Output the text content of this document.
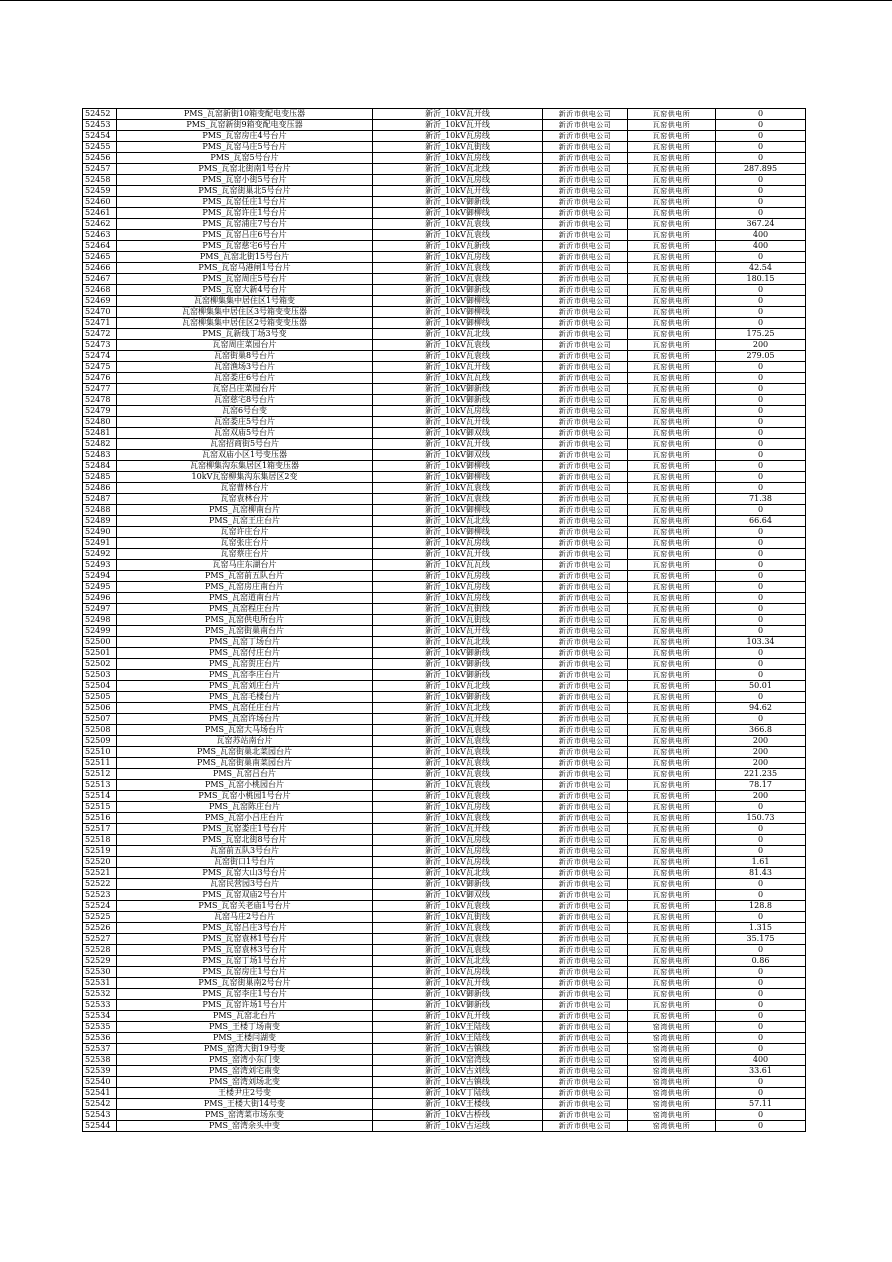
52452	PMS_瓦窑新街10箱变配电变压器	新沂_10kV瓦开线	新沂市供电公司	瓦窑供电所	0
52453	PMS_瓦窑新街9箱变配电变压器	新沂_10kV瓦开线	新沂市供电公司	瓦窑供电所	0
52454	PMS_瓦窑房庄4号台片	新沂_10kV瓦房线	新沂市供电公司	瓦窑供电所	0
52455	PMS_瓦窑马庄5号台片	新沂_10kV瓦街线	新沂市供电公司	瓦窑供电所	0
52456	PMS_瓦窑5号台片	新沂_10kV瓦房线	新沂市供电公司	瓦窑供电所	0
52457	PMS_瓦窑北街南1号台片	新沂_10kV瓦北线	新沂市供电公司	瓦窑供电所	287.895
52458	PMS_瓦窑小街5号台片	新沂_10kV瓦房线	新沂市供电公司	瓦窑供电所	0
52459	PMS_瓦窑街巢北5号台片	新沂_10kV瓦开线	新沂市供电公司	瓦窑供电所	0
52460	PMS_瓦窑任庄1号台片	新沂_10kV御新线	新沂市供电公司	瓦窑供电所	0
52461	PMS_瓦窑许庄1号台片	新沂_10kV御柳线	新沂市供电公司	瓦窑供电所	0
52462	PMS_瓦窑浦庄7号台片	新沂_10kV瓦袁线	新沂市供电公司	瓦窑供电所	367.24
52463	PMS_瓦窑吕庄6号台片	新沂_10kV瓦袁线	新沂市供电公司	瓦窑供电所	400
52464	PMS_瓦窑慈宅6号台片	新沂_10kV瓦新线	新沂市供电公司	瓦窑供电所	400
52465	PMS_瓦窑北街15号台片	新沂_10kV瓦房线	新沂市供电公司	瓦窑供电所	0
52466	PMS_瓦窑马港闸1号台片	新沂_10kV瓦袁线	新沂市供电公司	瓦窑供电所	42.54
52467	PMS_瓦窑周庄5号台片	新沂_10kV瓦袁线	新沂市供电公司	瓦窑供电所	180.15
52468	PMS_瓦窑大新4号台片	新沂_10kV御新线	新沂市供电公司	瓦窑供电所	0
52469	瓦窑柳集集中居住区1号箱变	新沂_10kV御柳线	新沂市供电公司	瓦窑供电所	0
52470	瓦窑柳集集中居住区3号箱变变压器	新沂_10kV御柳线	新沂市供电公司	瓦窑供电所	0
52471	瓦窑柳集集中居住区2号箱变变压器	新沂_10kV御柳线	新沂市供电公司	瓦窑供电所	0
52472	PMS_瓦新线丁场3号变	新沂_10kV瓦北线	新沂市供电公司	瓦窑供电所	175.25
52473	瓦窑周庄菜园台片	新沂_10kV瓦袁线	新沂市供电公司	瓦窑供电所	200
52474	瓦窑街巢8号台片	新沂_10kV瓦袁线	新沂市供电公司	瓦窑供电所	279.05
52475	瓦窑渔场3号台片	新沂_10kV瓦开线	新沂市供电公司	瓦窑供电所	0
52476	瓦窑娄庄6号台片	新沂_10kV瓦瓦线	新沂市供电公司	瓦窑供电所	0
52477	瓦窑吕庄菜园台片	新沂_10kV御新线	新沂市供电公司	瓦窑供电所	0
52478	瓦窑慈宅8号台片	新沂_10kV御新线	新沂市供电公司	瓦窑供电所	0
52479	瓦窑6号台变	新沂_10kV瓦房线	新沂市供电公司	瓦窑供电所	0
52480	瓦窑娄庄5号台片	新沂_10kV瓦开线	新沂市供电公司	瓦窑供电所	0
52481	瓦窑双庙5号台片	新沂_10kV御双线	新沂市供电公司	瓦窑供电所	0
52482	瓦窑招商街5号台片	新沂_10kV瓦开线	新沂市供电公司	瓦窑供电所	0
52483	瓦窑双庙小区1号变压器	新沂_10kV御双线	新沂市供电公司	瓦窑供电所	0
52484	瓦窑柳集沟东集居区1箱变压器	新沂_10kV御柳线	新沂市供电公司	瓦窑供电所	0
52485	10kV瓦窑柳集沟东集居区2变	新沂_10kV御柳线	新沂市供电公司	瓦窑供电所	0
52486	瓦窑曹林台片	新沂_10kV瓦袁线	新沂市供电公司	瓦窑供电所	0
52487	瓦窑袁林台片	新沂_10kV瓦袁线	新沂市供电公司	瓦窑供电所	71.38
52488	PMS_瓦窑柳南台片	新沂_10kV御柳线	新沂市供电公司	瓦窑供电所	0
52489	PMS_瓦窑王庄台片	新沂_10kV瓦北线	新沂市供电公司	瓦窑供电所	66.64
52490	瓦窑许庄台片	新沂_10kV御柳线	新沂市供电公司	瓦窑供电所	0
52491	瓦窑张庄台片	新沂_10kV瓦房线	新沂市供电公司	瓦窑供电所	0
52492	瓦窑蔡庄台片	新沂_10kV瓦开线	新沂市供电公司	瓦窑供电所	0
52493	瓦窑马庄东湖台片	新沂_10kV瓦瓦线	新沂市供电公司	瓦窑供电所	0
52494	PMS_瓦窑前五队台片	新沂_10kV瓦房线	新沂市供电公司	瓦窑供电所	0
52495	PMS_瓦窑房庄南台片	新沂_10kV瓦房线	新沂市供电公司	瓦窑供电所	0
52496	PMS_瓦窑道南台片	新沂_10kV瓦房线	新沂市供电公司	瓦窑供电所	0
52497	PMS_瓦窑程庄台片	新沂_10kV瓦街线	新沂市供电公司	瓦窑供电所	0
52498	PMS_瓦窑供电所台片	新沂_10kV瓦街线	新沂市供电公司	瓦窑供电所	0
52499	PMS_瓦窑街巢南台片	新沂_10kV瓦开线	新沂市供电公司	瓦窑供电所	0
52500	PMS_瓦窑丁场台片	新沂_10kV瓦北线	新沂市供电公司	瓦窑供电所	103.34
52501	PMS_瓦窑付庄台片	新沂_10kV御新线	新沂市供电公司	瓦窑供电所	0
52502	PMS_瓦窑贺庄台片	新沂_10kV御新线	新沂市供电公司	瓦窑供电所	0
52503	PMS_瓦窑李庄台片	新沂_10kV御新线	新沂市供电公司	瓦窑供电所	0
52504	PMS_瓦窑刘庄台片	新沂_10kV瓦北线	新沂市供电公司	瓦窑供电所	50.01
52505	PMS_瓦窑毛楼台片	新沂_10kV御新线	新沂市供电公司	瓦窑供电所	0
52506	PMS_瓦窑任庄台片	新沂_10kV瓦北线	新沂市供电公司	瓦窑供电所	94.62
52507	PMS_瓦窑许场台片	新沂_10kV瓦开线	新沂市供电公司	瓦窑供电所	0
52508	PMS_瓦窑大马场台片	新沂_10kV瓦袁线	新沂市供电公司	瓦窑供电所	366.8
52509	瓦窑苏站南台片	新沂_10kV瓦袁线	新沂市供电公司	瓦窑供电所	200
52510	PMS_瓦窑街巢北菜园台片	新沂_10kV瓦袁线	新沂市供电公司	瓦窑供电所	200
52511	PMS_瓦窑街巢南菜园台片	新沂_10kV瓦袁线	新沂市供电公司	瓦窑供电所	200
52512	PMS_瓦窑吕台片	新沂_10kV瓦袁线	新沂市供电公司	瓦窑供电所	221.235
52513	PMS_瓦窑小桃园台片	新沂_10kV瓦袁线	新沂市供电公司	瓦窑供电所	78.17
52514	PMS_瓦窑小桃园1号台片	新沂_10kV瓦袁线	新沂市供电公司	瓦窑供电所	200
52515	PMS_瓦窑陈庄台片	新沂_10kV瓦房线	新沂市供电公司	瓦窑供电所	0
52516	PMS_瓦窑小吕庄台片	新沂_10kV瓦袁线	新沂市供电公司	瓦窑供电所	150.73
52517	PMS_瓦窑娄庄1号台片	新沂_10kV瓦开线	新沂市供电公司	瓦窑供电所	0
52518	PMS_瓦窑北街8号台片	新沂_10kV瓦房线	新沂市供电公司	瓦窑供电所	0
52519	瓦窑前五队3号台片	新沂_10kV瓦房线	新沂市供电公司	瓦窑供电所	0
52520	瓦窑街口1号台片	新沂_10kV瓦房线	新沂市供电公司	瓦窑供电所	1.61
52521	PMS_瓦窑大山3号台片	新沂_10kV瓦北线	新沂市供电公司	瓦窑供电所	81.43
52522	瓦窑民营园3号台片	新沂_10kV御新线	新沂市供电公司	瓦窑供电所	0
52523	PMS_瓦窑双庙2号台片	新沂_10kV御双线	新沂市供电公司	瓦窑供电所	0
52524	PMS_瓦窑关老庙1号台片	新沂_10kV瓦袁线	新沂市供电公司	瓦窑供电所	128.8
52525	瓦窑马庄2号台片	新沂_10kV瓦街线	新沂市供电公司	瓦窑供电所	0
52526	PMS_瓦窑吕庄3号台片	新沂_10kV瓦袁线	新沂市供电公司	瓦窑供电所	1.315
52527	PMS_瓦窑袁林1号台片	新沂_10kV瓦袁线	新沂市供电公司	瓦窑供电所	35.175
52528	PMS_瓦窑袁林3号台片	新沂_10kV瓦袁线	新沂市供电公司	瓦窑供电所	0
52529	PMS_瓦窑丁场1号台片	新沂_10kV瓦北线	新沂市供电公司	瓦窑供电所	0.86
52530	PMS_瓦窑房庄1号台片	新沂_10kV瓦房线	新沂市供电公司	瓦窑供电所	0
52531	PMS_瓦窑街巢南2号台片	新沂_10kV瓦开线	新沂市供电公司	瓦窑供电所	0
52532	PMS_瓦窑李庄1号台片	新沂_10kV御新线	新沂市供电公司	瓦窑供电所	0
52533	PMS_瓦窑许场1号台片	新沂_10kV御新线	新沂市供电公司	瓦窑供电所	0
52534	PMS_瓦窑北台片	新沂_10kV瓦开线	新沂市供电公司	瓦窑供电所	0
52535	PMS_王楼丁场南变	新沂_10kV王陆线	新沂市供电公司	窑湾供电所	0
52536	PMS_王楼闫湖变	新沂_10kV王陆线	新沂市供电公司	窑湾供电所	0
52537	PMS_窑湾大街19号变	新沂_10kV古镇线	新沂市供电公司	窑湾供电所	0
52538	PMS_窑湾小东门变	新沂_10kV窑湾线	新沂市供电公司	窑湾供电所	400
52539	PMS_窑湾刘宅南变	新沂_10kV古刘线	新沂市供电公司	窑湾供电所	33.61
52540	PMS_窑湾刘场北变	新沂_10kV古镇线	新沂市供电公司	窑湾供电所	0
52541	王楼尹庄2号变	新沂_10kV丁陆线	新沂市供电公司	窑湾供电所	0
52542	PMS_王楼大街14号变	新沂_10kV王楼线	新沂市供电公司	窑湾供电所	57.11
52543	PMS_窑湾菜市场东变	新沂_10kV古桥线	新沂市供电公司	窑湾供电所	0
52544	PMS_窑湾余头中变	新沂_10kV古运线	新沂市供电公司	窑湾供电所	0
